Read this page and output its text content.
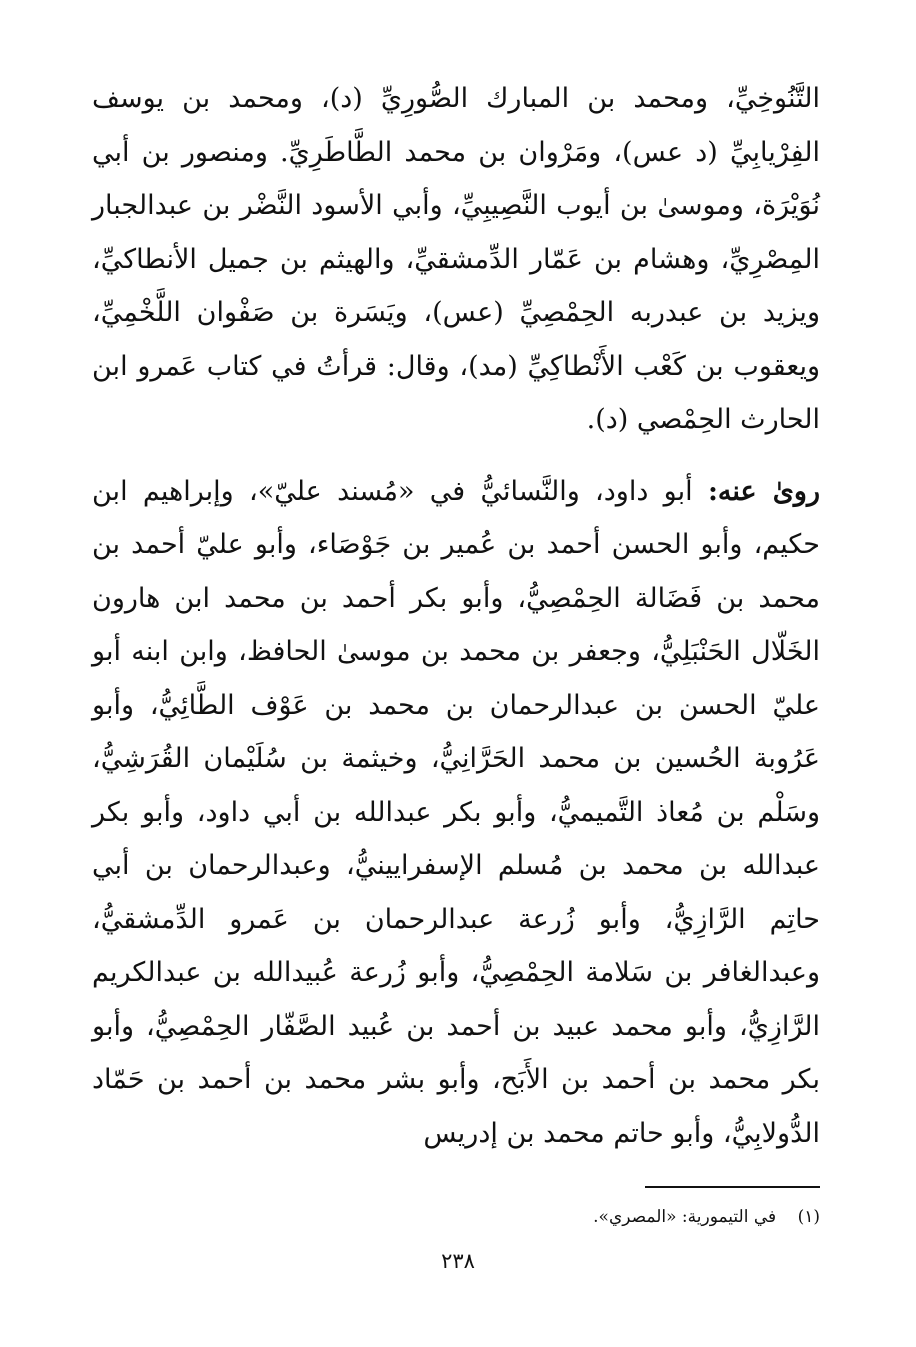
التَّنُوخِيِّ، ومحمد بن المبارك الصُّورِيِّ (د)، ومحمد بن يوسف الفِرْيابِيِّ (د عس)، ومَرْوان بن محمد الطَّاطَرِيِّ. ومنصور بن أبي نُوَيْرَة، وموسىٰ بن أيوب النَّصِيبِيِّ، وأبي الأسود النَّضْر بن عبدالجبار المِصْرِيِّ، وهشام بن عَمّار الدِّمشقيِّ، والهيثم بن جميل الأنطاكيِّ، ويزيد بن عبدربه الحِمْصِيِّ (عس)، ويَسَرة بن صَفْوان اللَّخْمِيِّ، ويعقوب بن كَعْب الأَنْطاكِيِّ (مد)، وقال: قرأتُ في كتاب عَمرو ابن الحارث الحِمْصي (د).

روىٰ عنه: أبو داود، والنَّسائيُّ في «مُسند عليّ»، وإبراهيم ابن حكيم، وأبو الحسن أحمد بن عُمير بن جَوْصَاء، وأبو عليّ أحمد بن محمد بن فَضَالة الحِمْصِيُّ، وأبو بكر أحمد بن محمد ابن هارون الخَلّال الحَنْبَلِيُّ، وجعفر بن محمد بن موسىٰ الحافظ، وابن ابنه أبو عليّ الحسن بن عبدالرحمان بن محمد بن عَوْف الطَّائِيُّ، وأبو عَرُوبة الحُسين بن محمد الحَرَّانِيُّ، وخيثمة بن سُلَيْمان القُرَشِيُّ، وسَلْم بن مُعاذ التَّميميُّ، وأبو بكر عبدالله بن أبي داود، وأبو بكر عبدالله بن محمد بن مُسلم الإسفرايينيُّ، وعبدالرحمان بن أبي حاتِم الرَّازِيُّ، وأبو زُرعة عبدالرحمان بن عَمرو الدِّمشقيُّ، وعبدالغافر بن سَلامة الحِمْصِيُّ، وأبو زُرعة عُبيدالله بن عبدالكريم الرَّازِيُّ، وأبو محمد عبيد بن أحمد بن عُبيد الصَّفّار الحِمْصِيُّ، وأبو بكر محمد بن أحمد بن الأَبَح، وأبو بشر محمد بن أحمد بن حَمّاد الدُّولابِيُّ، وأبو حاتم محمد بن إدريس

(١) في التيمورية: «المصري».
٢٣٨
